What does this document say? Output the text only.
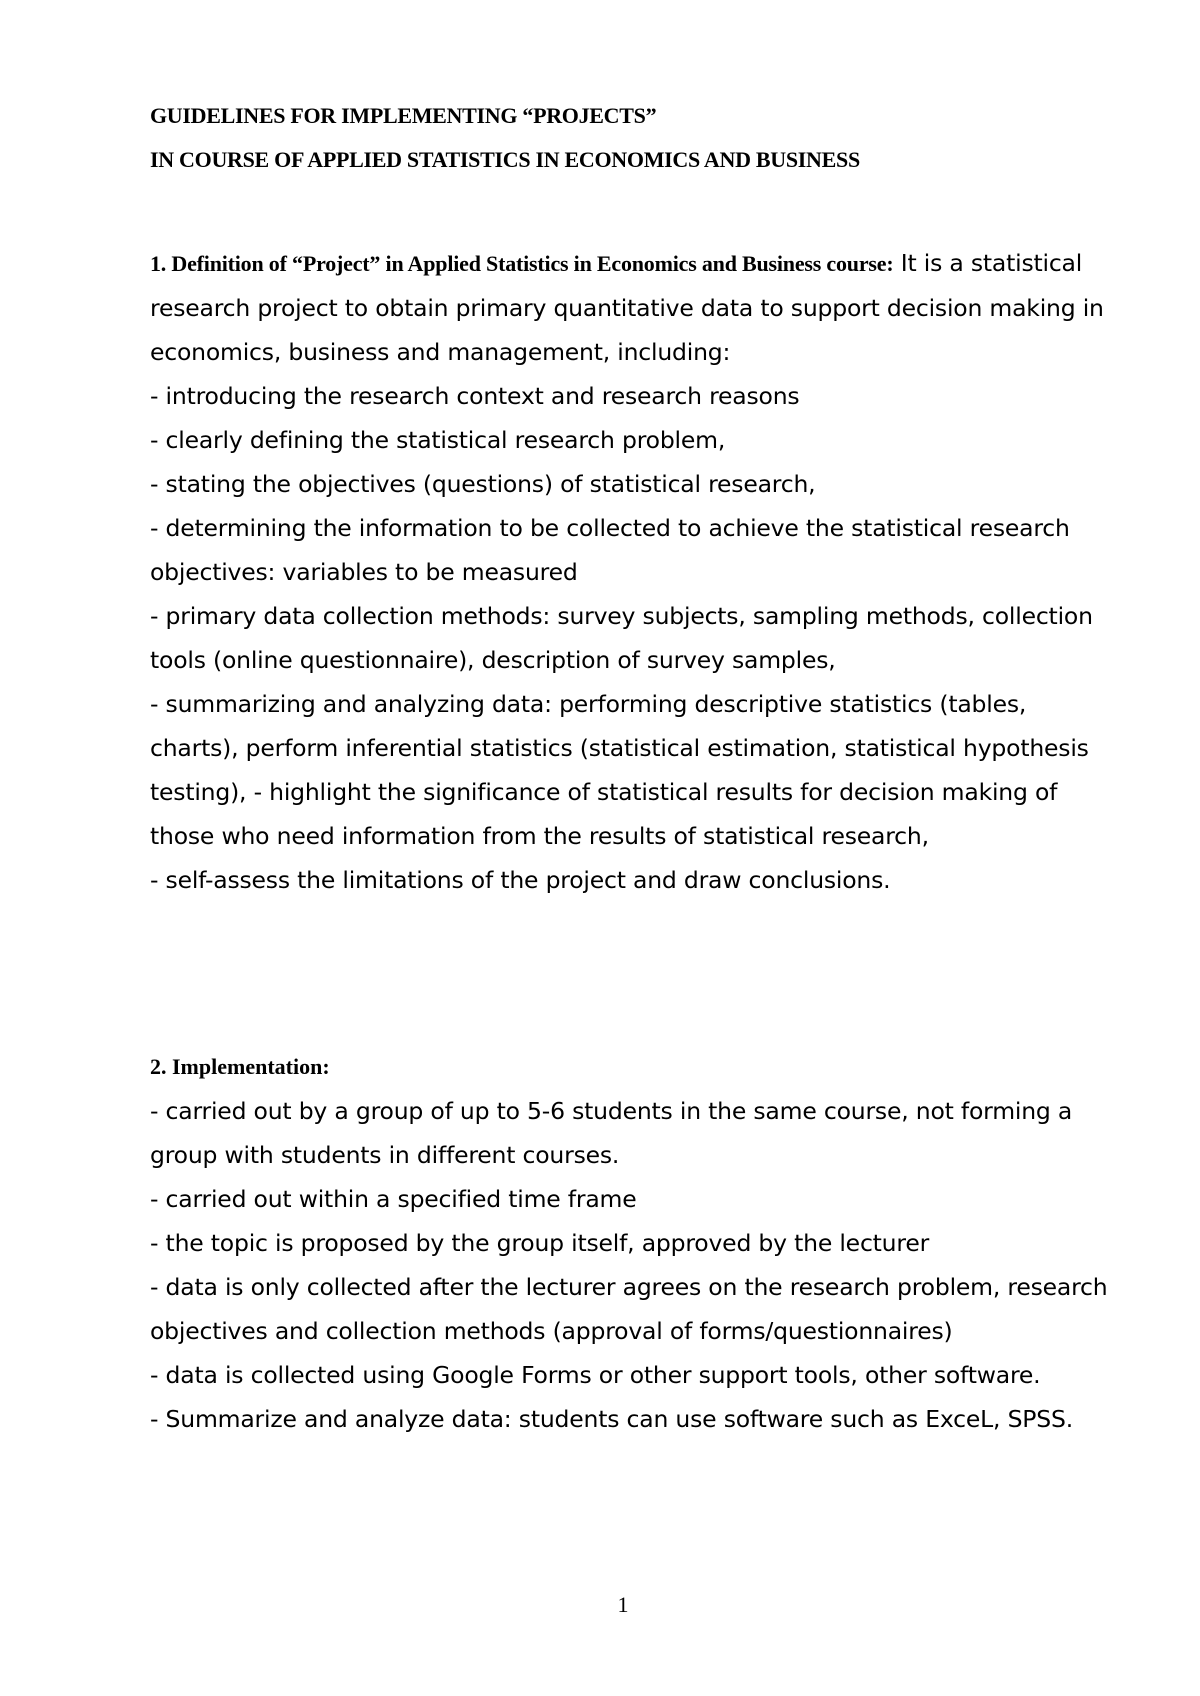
GUIDELINES FOR IMPLEMENTING “PROJECTS”
IN COURSE OF APPLIED STATISTICS IN ECONOMICS AND BUSINESS

1. Definition of “Project” in Applied Statistics in Economics and Business course: It is a statistical research project to obtain primary quantitative data to support decision making in economics, business and management, including:

- introducing the research context and research reasons
- clearly defining the statistical research problem,
- stating the objectives (questions) of statistical research,
- determining the information to be collected to achieve the statistical research objectives: variables to be measured
- primary data collection methods: survey subjects, sampling methods, collection tools (online questionnaire), description of survey samples,
- summarizing and analyzing data: performing descriptive statistics (tables, charts), perform inferential statistics (statistical estimation, statistical hypothesis testing), - highlight the significance of statistical results for decision making of those who need information from the results of statistical research,
- self-assess the limitations of the project and draw conclusions.
2. Implementation:
- carried out by a group of up to 5-6 students in the same course, not forming a group with students in different courses.
- carried out within a specified time frame
- the topic is proposed by the group itself, approved by the lecturer
- data is only collected after the lecturer agrees on the research problem, research objectives and collection methods (approval of forms/questionnaires)
- data is collected using Google Forms or other support tools, other software.
- Summarize and analyze data: students can use software such as ExceL, SPSS.
1
